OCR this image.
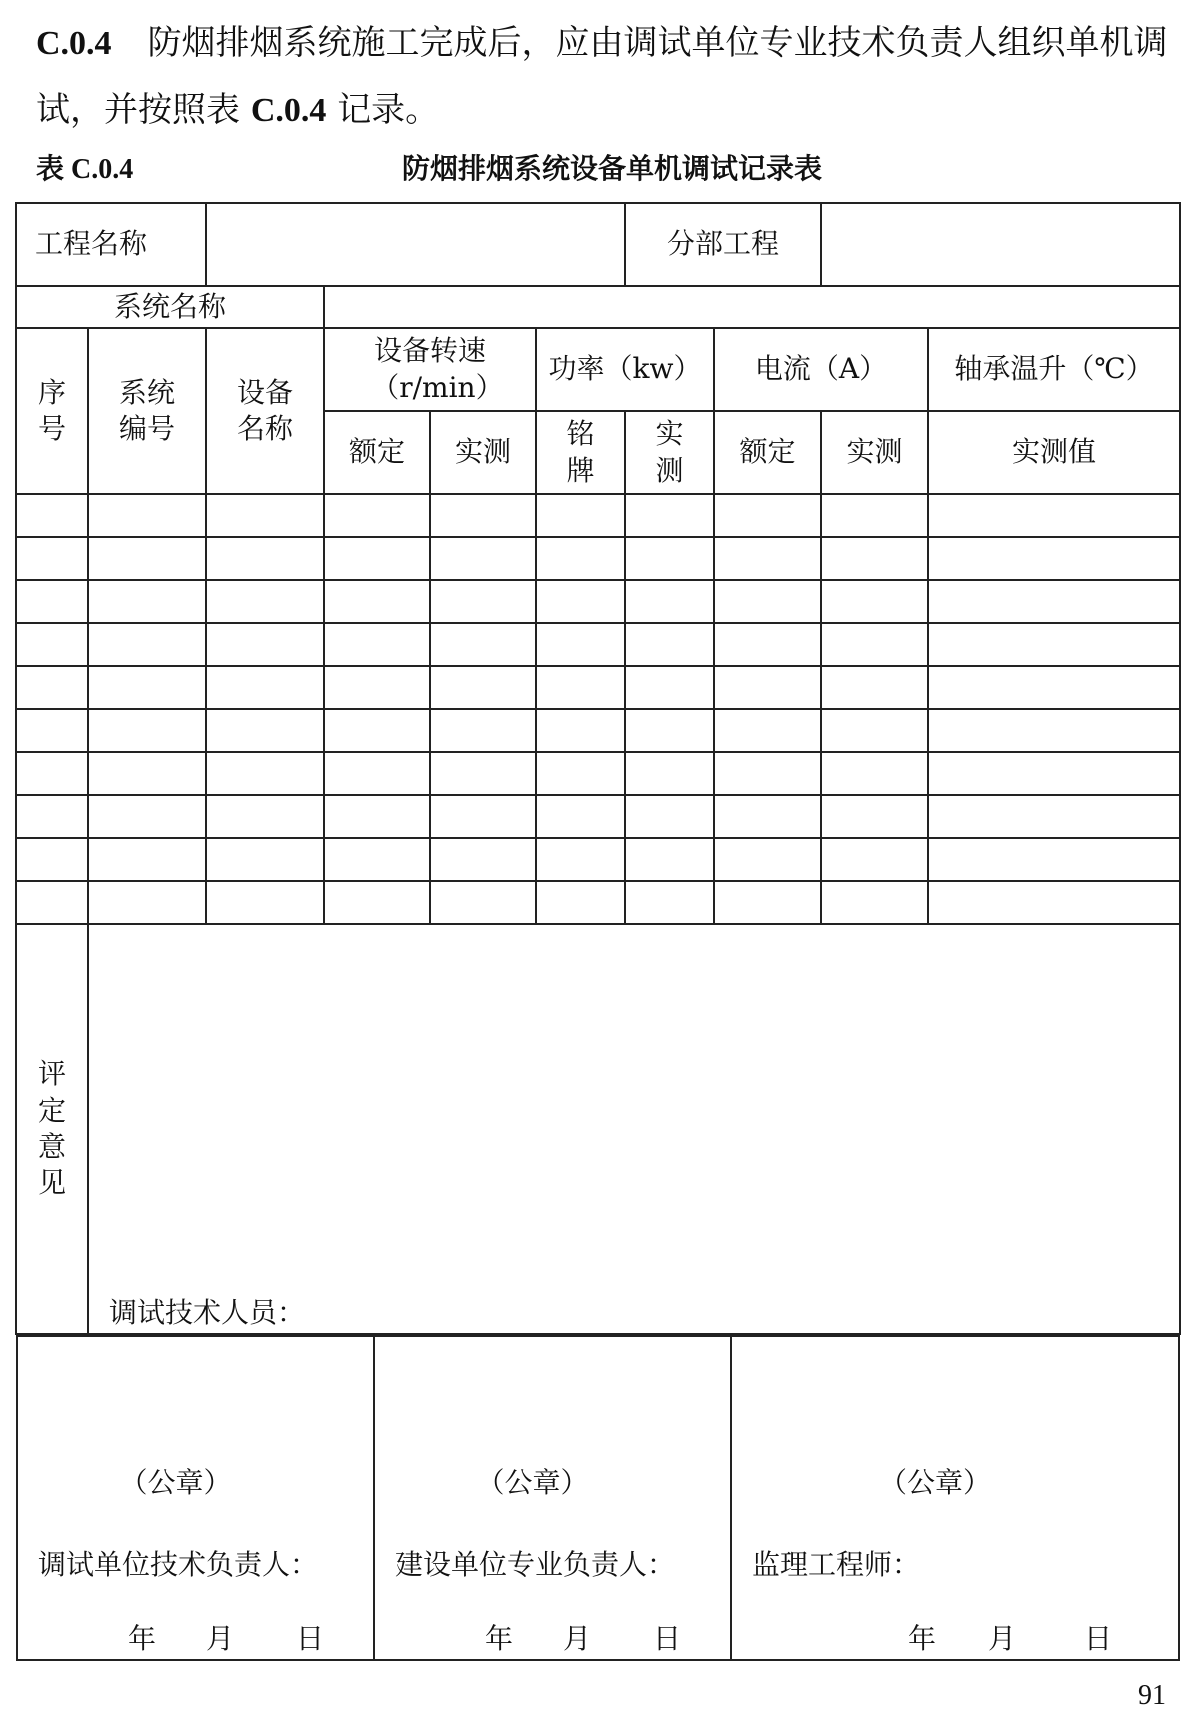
C.0.4 防烟排烟系统施工完成后，应由调试单位专业技术负责人组织单机调试，并按照表 C.0.4 记录。
表 C.0.4	防烟排烟系统设备单机调试记录表
工程名称		分部工程	
系统名称	
序号	系统编号	设备名称	设备转速（r/min）	功率（kw）	电流（A）	轴承温升（℃）
额定	实测	铭牌	实测	额定	实测	实测值

评定意见	
调试技术人员：

（公章）
调试单位技术负责人：
年 月 日

（公章）
建设单位专业负责人：
年 月 日

（公章）
监理工程师：
年 月 日
91
